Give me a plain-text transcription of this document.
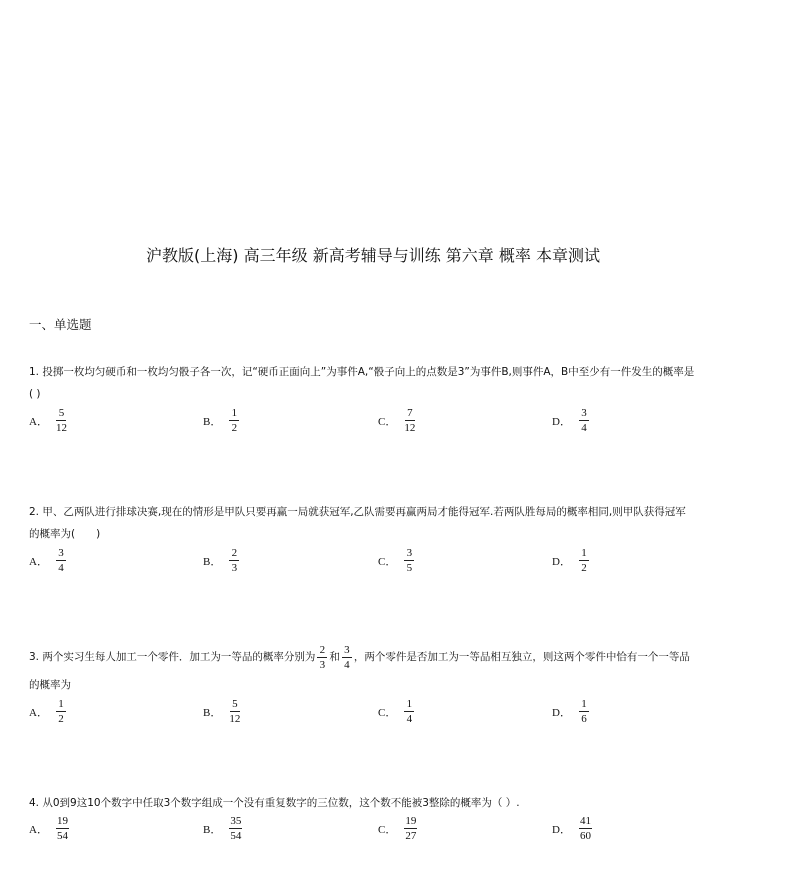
沪教版(上海) 高三年级 新高考辅导与训练 第六章 概率 本章测试
一、单选题
1. 投掷一枚均匀硬币和一枚均匀骰子各一次，记“硬币正面向上”为事件A,“骰子向上的点数是3”为事件B,则事件A，B中至少有一件发生的概率是
( )
A． $\frac{5}{12}$	B． $\frac{1}{2}$	C． $\frac{7}{12}$	D． $\frac{3}{4}$
2. 甲、乙两队进行排球决赛,现在的情形是甲队只要再赢一局就获冠军,乙队需要再赢两局才能得冠军.若两队胜每局的概率相同,则甲队获得冠军
的概率为(　　)
A． $\frac{3}{4}$	B． $\frac{2}{3}$	C． $\frac{3}{5}$	D． $\frac{1}{2}$
3. 两个实习生每人加工一个零件．加工为一等品的概率分别为 $\frac{2}{3}$ 和 $\frac{3}{4}$ ，两个零件是否加工为一等品相互独立，则这两个零件中恰有一个一等品
的概率为
A． $\frac{1}{2}$	B． $\frac{5}{12}$	C． $\frac{1}{4}$	D． $\frac{1}{6}$
4. 从0到9这10个数字中任取3个数字组成一个没有重复数字的三位数，这个数不能被3整除的概率为（ ）.
A． $\frac{19}{54}$	B． $\frac{35}{54}$	C． $\frac{19}{27}$	D． $\frac{41}{60}$
